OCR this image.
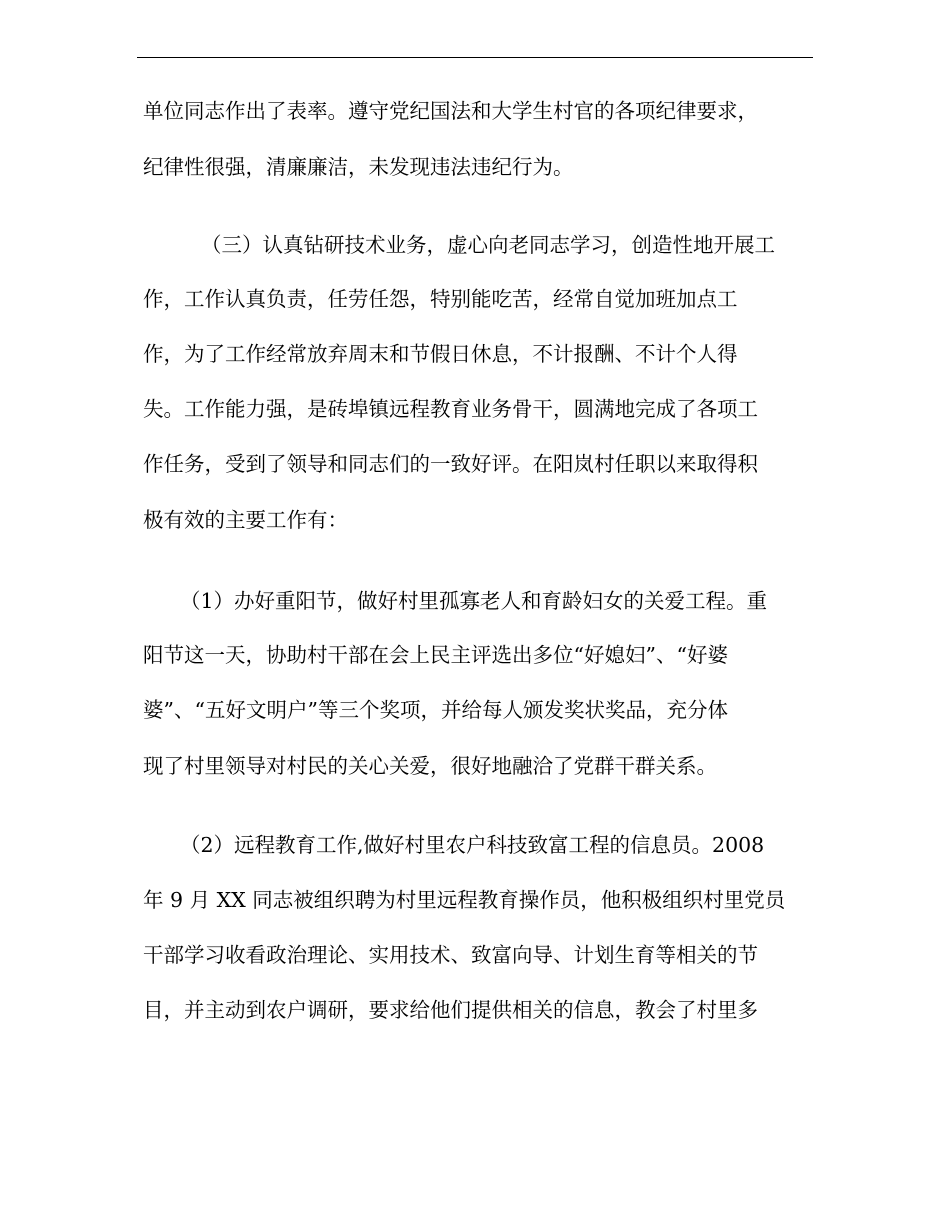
单位同志作出了表率。遵守党纪国法和大学生村官的各项纪律要求，

纪律性很强，清廉廉洁，未发现违法违纪行为。

（三）认真钻研技术业务，虚心向老同志学习，创造性地开展工

作，工作认真负责，任劳任怨，特别能吃苦，经常自觉加班加点工

作，为了工作经常放弃周末和节假日休息，不计报酬、不计个人得

失。工作能力强，是砖埠镇远程教育业务骨干，圆满地完成了各项工

作任务，受到了领导和同志们的一致好评。在阳岚村任职以来取得积

极有效的主要工作有：

（1）办好重阳节，做好村里孤寡老人和育龄妇女的关爱工程。重

阳节这一天，协助村干部在会上民主评选出多位“好媳妇”、“好婆

婆”、“五好文明户”等三个奖项，并给每人颁发奖状奖品，充分体

现了村里领导对村民的关心关爱，很好地融洽了党群干群关系。

（2）远程教育工作,做好村里农户科技致富工程的信息员。2008

年 9 月 XX 同志被组织聘为村里远程教育操作员，他积极组织村里党员

干部学习收看政治理论、实用技术、致富向导、计划生育等相关的节

目，并主动到农户调研，要求给他们提供相关的信息，教会了村里多
